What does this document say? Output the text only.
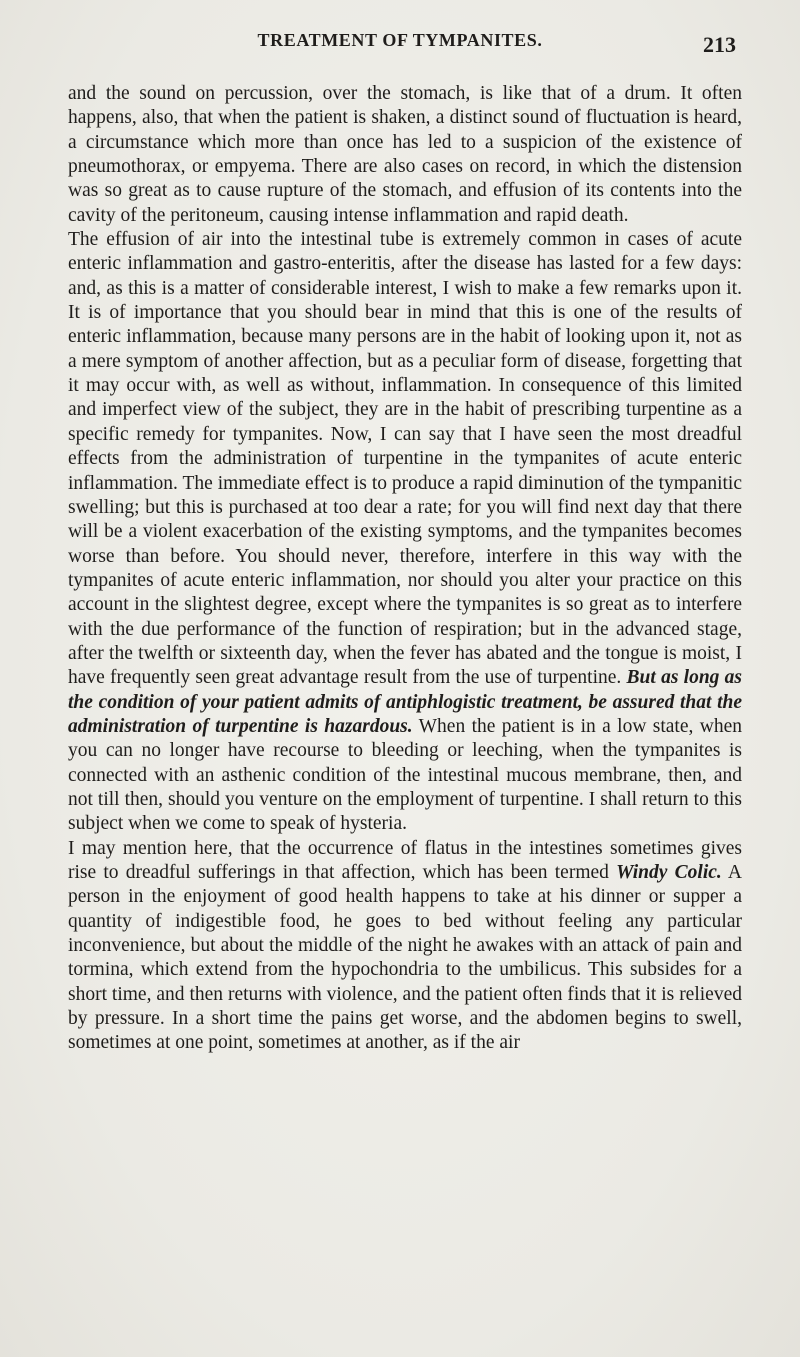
TREATMENT OF TYMPANITES.	213

and the sound on percussion, over the stomach, is like that of a drum. It often happens, also, that when the patient is shaken, a distinct sound of fluctuation is heard, a circumstance which more than once has led to a suspicion of the existence of pneumothorax, or empyema. There are also cases on record, in which the distension was so great as to cause rupture of the stomach, and effusion of its contents into the cavity of the peritoneum, causing intense inflammation and rapid death.

The effusion of air into the intestinal tube is extremely common in cases of acute enteric inflammation and gastro-enteritis, after the disease has lasted for a few days: and, as this is a matter of considerable interest, I wish to make a few remarks upon it. It is of importance that you should bear in mind that this is one of the results of enteric inflammation, because many persons are in the habit of looking upon it, not as a mere symptom of another affection, but as a peculiar form of disease, forgetting that it may occur with, as well as without, inflammation. In consequence of this limited and imperfect view of the subject, they are in the habit of prescribing turpentine as a specific remedy for tympanites. Now, I can say that I have seen the most dreadful effects from the administration of turpentine in the tympanites of acute enteric inflammation. The immediate effect is to produce a rapid diminution of the tympanitic swelling; but this is purchased at too dear a rate; for you will find next day that there will be a violent exacerbation of the existing symptoms, and the tympanites becomes worse than before. You should never, therefore, interfere in this way with the tympanites of acute enteric inflammation, nor should you alter your practice on this account in the slightest degree, except where the tympanites is so great as to interfere with the due performance of the function of respiration; but in the advanced stage, after the twelfth or sixteenth day, when the fever has abated and the tongue is moist, I have frequently seen great advantage result from the use of turpentine. But as long as the condition of your patient admits of antiphlogistic treatment, be assured that the administration of turpentine is hazardous. When the patient is in a low state, when you can no longer have recourse to bleeding or leeching, when the tympanites is connected with an asthenic condition of the intestinal mucous membrane, then, and not till then, should you venture on the employment of turpentine. I shall return to this subject when we come to speak of hysteria.

I may mention here, that the occurrence of flatus in the intestines sometimes gives rise to dreadful sufferings in that affection, which has been termed Windy Colic. A person in the enjoyment of good health happens to take at his dinner or supper a quantity of indigestible food, he goes to bed without feeling any particular inconvenience, but about the middle of the night he awakes with an attack of pain and tormina, which extend from the hypochondria to the umbilicus. This subsides for a short time, and then returns with violence, and the patient often finds that it is relieved by pressure. In a short time the pains get worse, and the abdomen begins to swell, sometimes at one point, sometimes at another, as if the air
